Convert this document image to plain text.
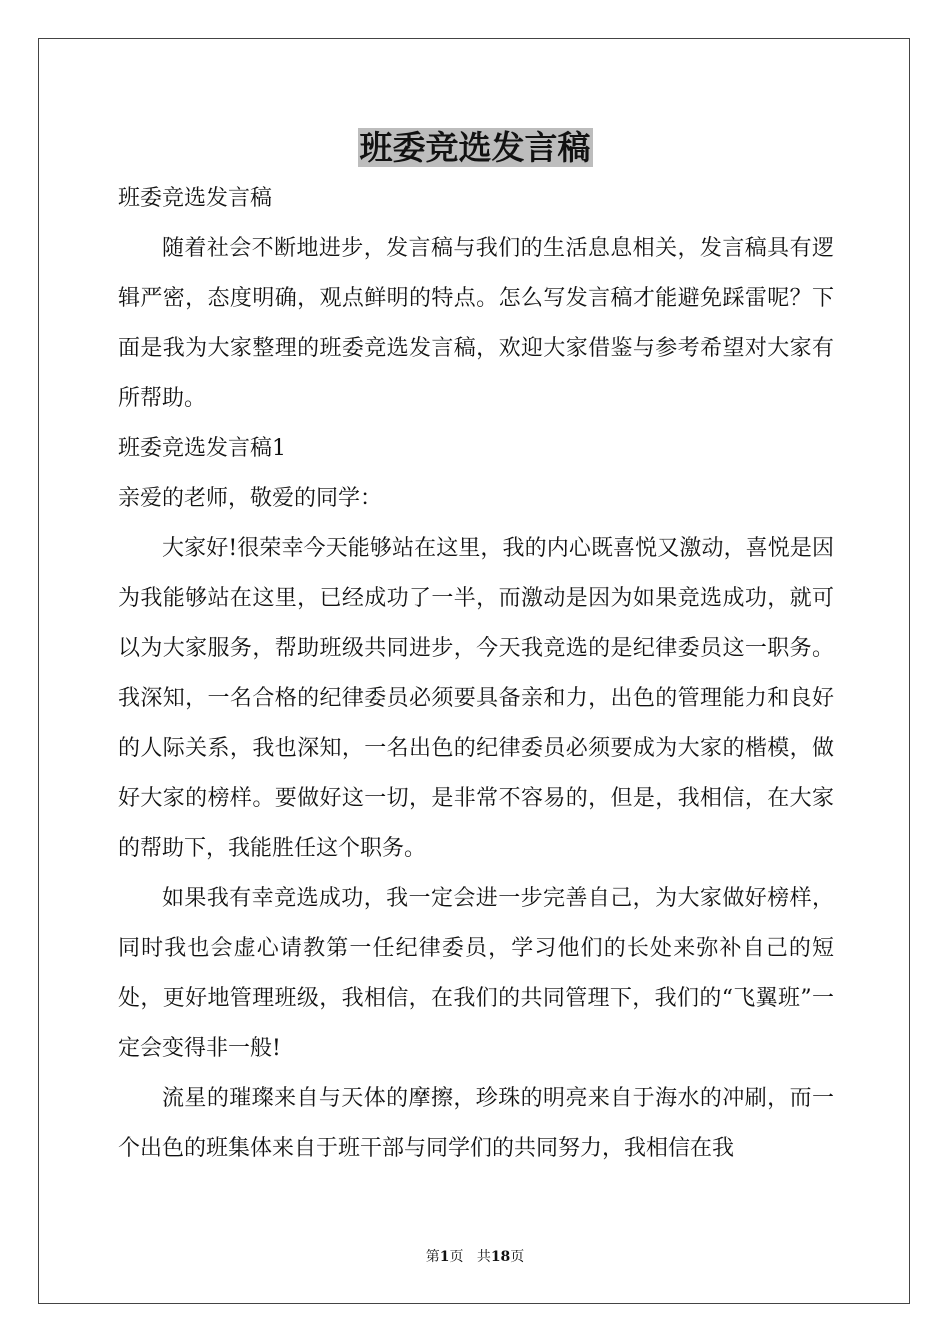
班委竞选发言稿

班委竞选发言稿

随着社会不断地进步，发言稿与我们的生活息息相关，发言稿具有逻辑严密，态度明确，观点鲜明的特点。怎么写发言稿才能避免踩雷呢？下面是我为大家整理的班委竞选发言稿，欢迎大家借鉴与参考希望对大家有所帮助。

班委竞选发言稿1

亲爱的老师，敬爱的同学：

大家好!很荣幸今天能够站在这里，我的内心既喜悦又激动，喜悦是因为我能够站在这里，已经成功了一半，而激动是因为如果竞选成功，就可以为大家服务，帮助班级共同进步，今天我竞选的是纪律委员这一职务。我深知，一名合格的纪律委员必须要具备亲和力，出色的管理能力和良好的人际关系，我也深知，一名出色的纪律委员必须要成为大家的楷模，做好大家的榜样。要做好这一切，是非常不容易的，但是，我相信，在大家的帮助下，我能胜任这个职务。

如果我有幸竞选成功，我一定会进一步完善自己，为大家做好榜样，同时我也会虚心请教第一任纪律委员，学习他们的长处来弥补自己的短处，更好地管理班级，我相信，在我们的共同管理下，我们的“飞翼班”一定会变得非一般!

流星的璀璨来自与天体的摩擦，珍珠的明亮来自于海水的冲刷，而一个出色的班集体来自于班干部与同学们的共同努力，我相信在我

第1页 共18页
